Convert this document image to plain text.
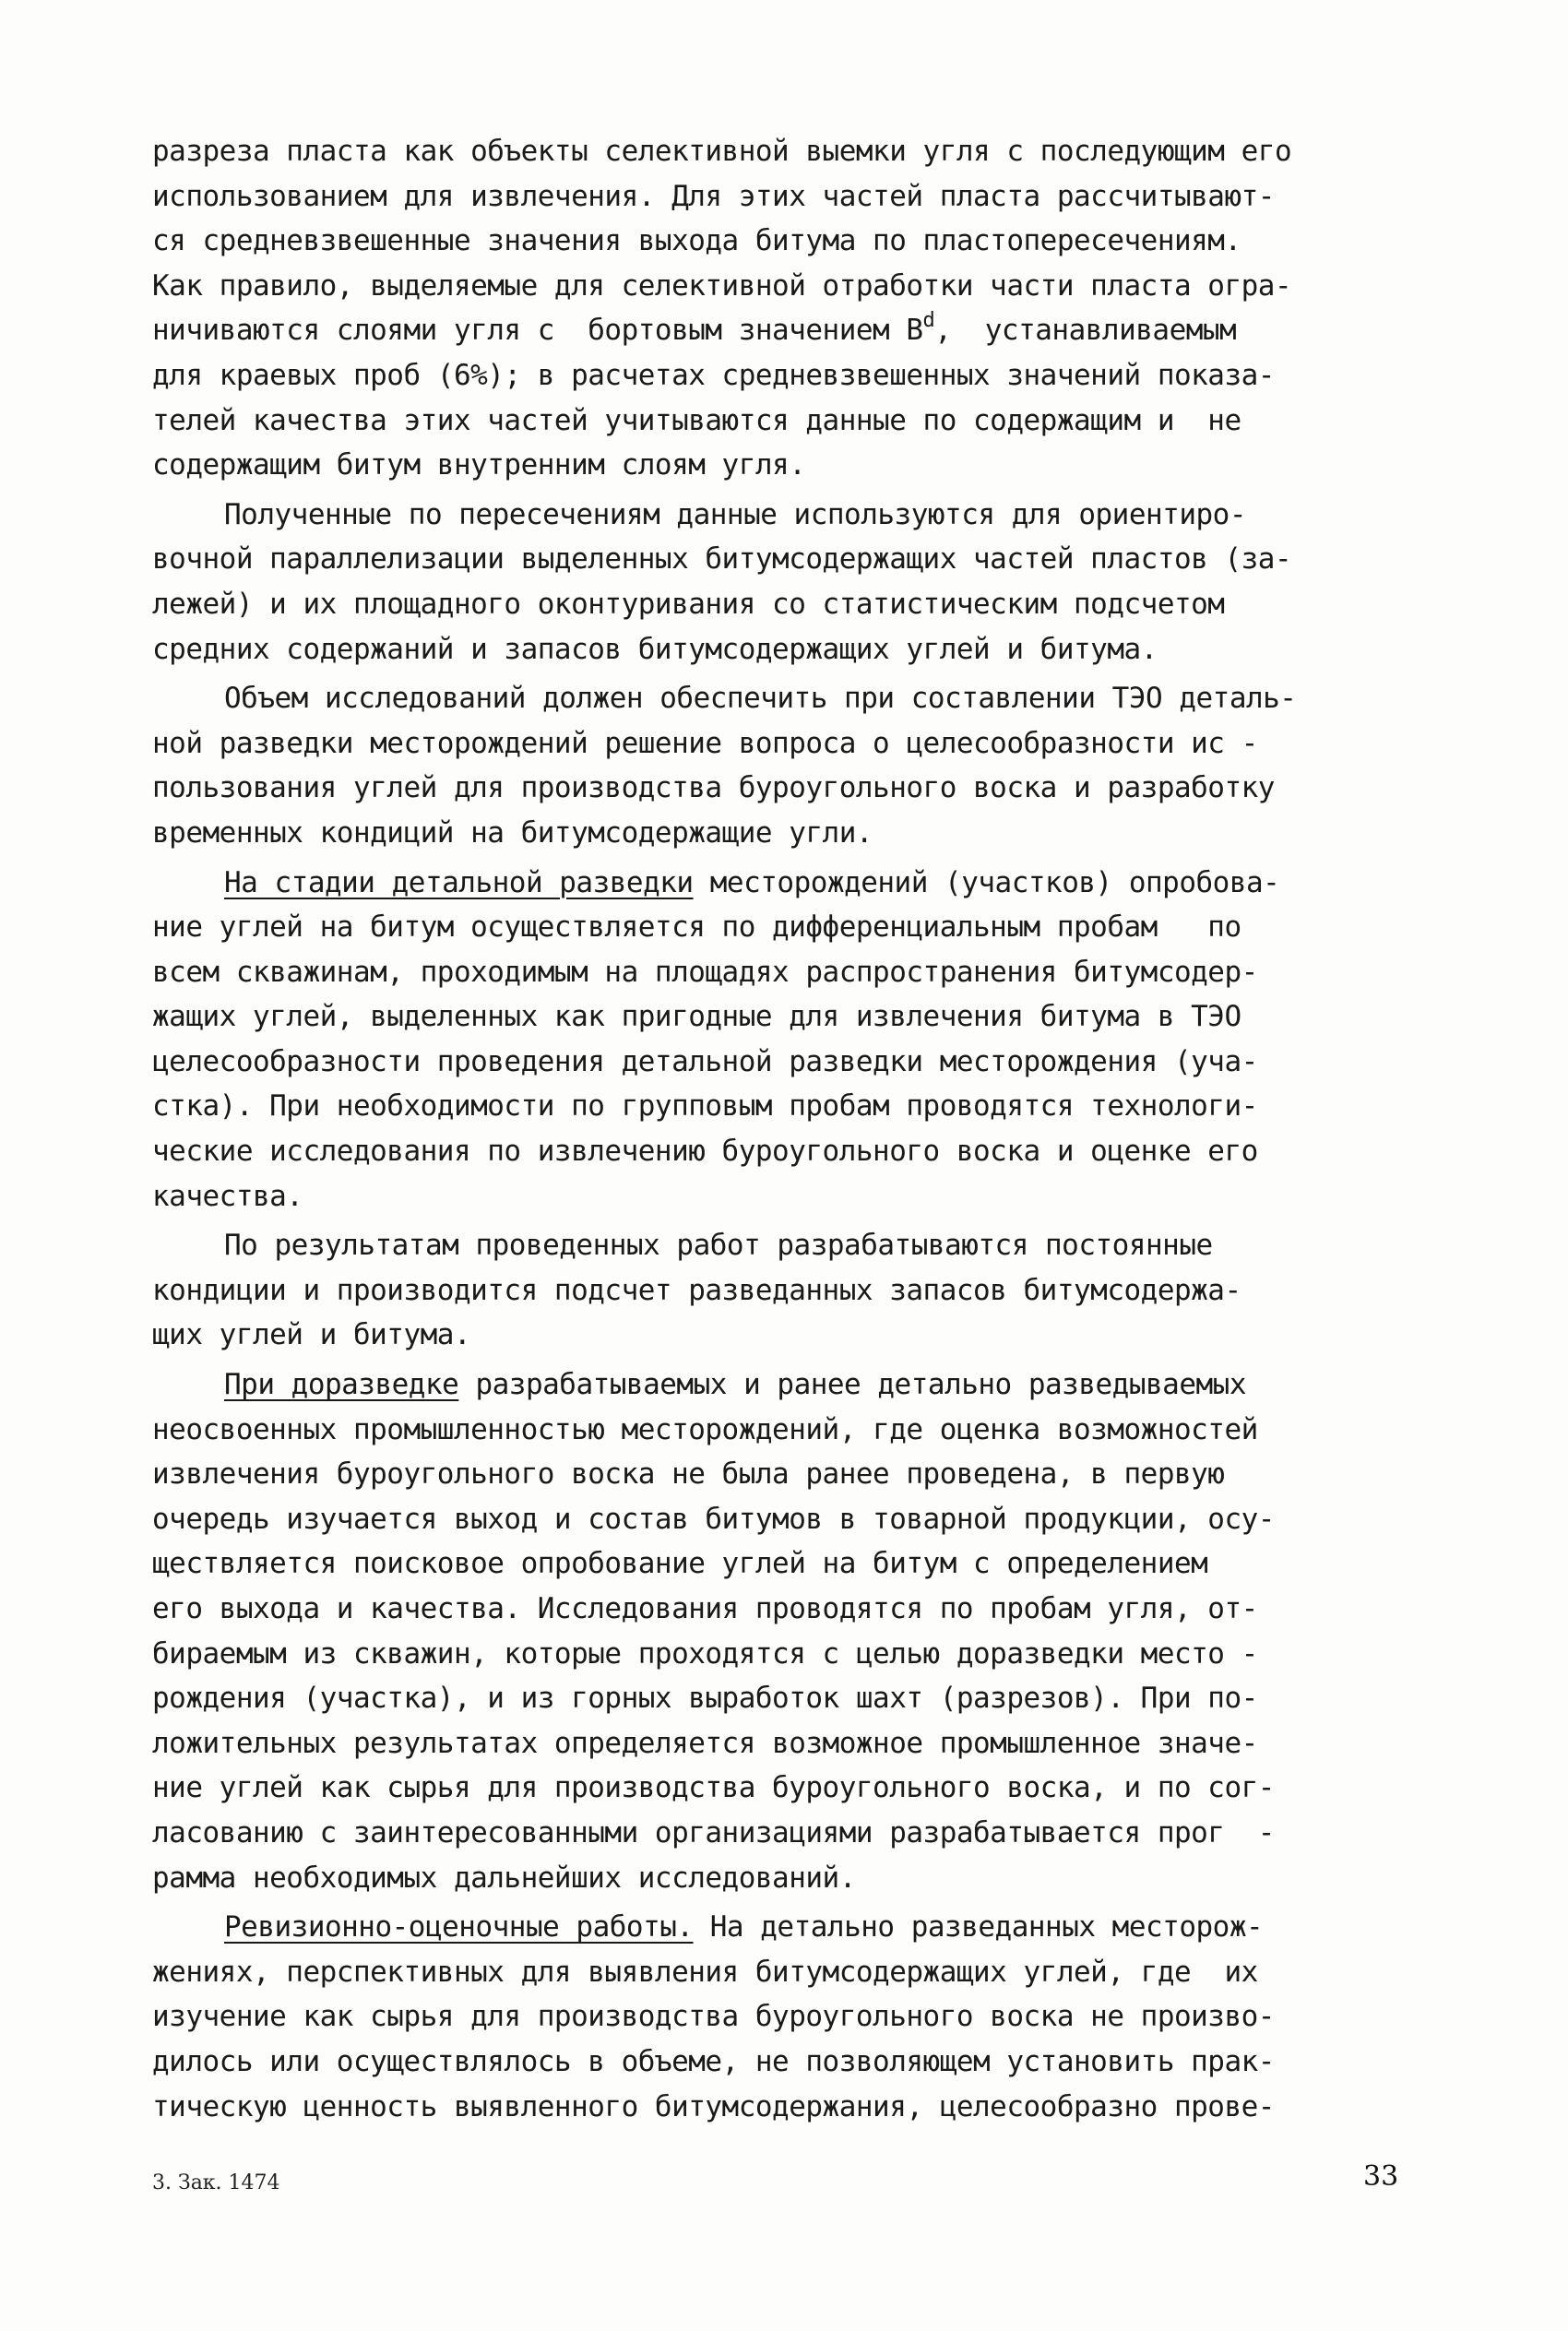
разреза пласта как объекты селективной выемки угля с последующим его
использованием для извлечения. Для этих частей пласта рассчитывают-
ся средневзвешенные значения выхода битума по пластопересечениям.
Как правило, выделяемые для селективной отработки части пласта огра-
ничиваются слоями угля с  бортовым значением $B^d$,  устанавливаемым
для краевых проб (6%); в расчетах средневзвешенных значений показа-
телей качества этих частей учитываются данные по содержащим и  не
содержащим битум внутренним слоям угля.
Полученные по пересечениям данные используются для ориентиро-
вочной параллелизации выделенных битумсодержащих частей пластов (за-
лежей) и их площадного оконтуривания со статистическим подсчетом
средних содержаний и запасов битумсодержащих углей и битума.
Объем исследований должен обеспечить при составлении ТЭО деталь-
ной разведки месторождений решение вопроса о целесообразности ис -
пользования углей для производства буроугольного воска и разработку
временных кондиций на битумсодержащие угли.
На стадии детальной разведки месторождений (участков) опробова-
ние углей на битум осуществляется по дифференциальным пробам   по
всем скважинам, проходимым на площадях распространения битумсодер-
жащих углей, выделенных как пригодные для извлечения битума в ТЭО
целесообразности проведения детальной разведки месторождения (уча-
стка). При необходимости по групповым пробам проводятся технологи-
ческие исследования по извлечению буроугольного воска и оценке его
качества.
По результатам проведенных работ разрабатываются постоянные
кондиции и производится подсчет разведанных запасов битумсодержа-
щих углей и битума.
При доразведке разрабатываемых и ранее детально разведываемых
неосвоенных промышленностью месторождений, где оценка возможностей
извлечения буроугольного воска не была ранее проведена, в первую
очередь изучается выход и состав битумов в товарной продукции, осу-
ществляется поисковое опробование углей на битум с определением
его выхода и качества. Исследования проводятся по пробам угля, от-
бираемым из скважин, которые проходятся с целью доразведки место -
рождения (участка), и из горных выработок шахт (разрезов). При по-
ложительных результатах определяется возможное промышленное значе-
ние углей как сырья для производства буроугольного воска, и по сог-
ласованию с заинтересованными организациями разрабатывается прог  -
рамма необходимых дальнейших исследований.
Ревизионно-оценочные работы. На детально разведанных месторож-
жениях, перспективных для выявления битумсодержащих углей, где  их
изучение как сырья для производства буроугольного воска не произво-
дилось или осуществлялось в объеме, не позволяющем установить прак-
тическую ценность выявленного битумсодержания, целесообразно прове-
3. Зак. 1474	33
